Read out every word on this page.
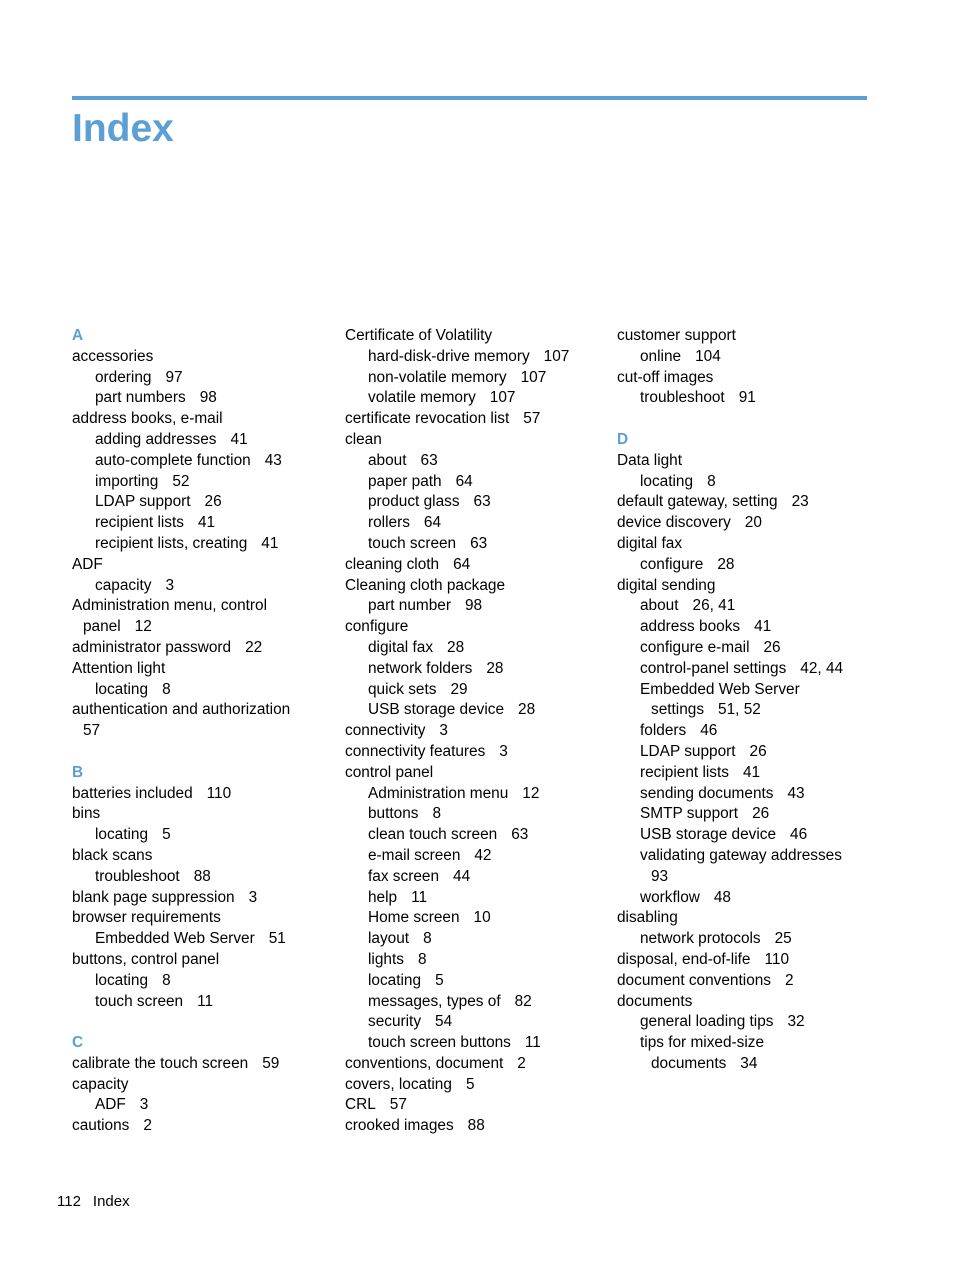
Index
A
accessories
ordering 97
part numbers 98
address books, e-mail
adding addresses 41
auto-complete function 43
importing 52
LDAP support 26
recipient lists 41
recipient lists, creating 41
ADF
capacity 3
Administration menu, control
panel 12
administrator password 22
Attention light
locating 8
authentication and authorization
57
B
batteries included 110
bins
locating 5
black scans
troubleshoot 88
blank page suppression 3
browser requirements
Embedded Web Server 51
buttons, control panel
locating 8
touch screen 11
C
calibrate the touch screen 59
capacity
ADF 3
cautions 2
Certificate of Volatility
hard-disk-drive memory 107
non-volatile memory 107
volatile memory 107
certificate revocation list 57
clean
about 63
paper path 64
product glass 63
rollers 64
touch screen 63
cleaning cloth 64
Cleaning cloth package
part number 98
configure
digital fax 28
network folders 28
quick sets 29
USB storage device 28
connectivity 3
connectivity features 3
control panel
Administration menu 12
buttons 8
clean touch screen 63
e-mail screen 42
fax screen 44
help 11
Home screen 10
layout 8
lights 8
locating 5
messages, types of 82
security 54
touch screen buttons 11
conventions, document 2
covers, locating 5
CRL 57
crooked images 88
customer support
online 104
cut-off images
troubleshoot 91
D
Data light
locating 8
default gateway, setting 23
device discovery 20
digital fax
configure 28
digital sending
about 26, 41
address books 41
configure e-mail 26
control-panel settings 42, 44
Embedded Web Server
settings 51, 52
folders 46
LDAP support 26
recipient lists 41
sending documents 43
SMTP support 26
USB storage device 46
validating gateway addresses
93
workflow 48
disabling
network protocols 25
disposal, end-of-life 110
document conventions 2
documents
general loading tips 32
tips for mixed-size
documents 34
112 Index
